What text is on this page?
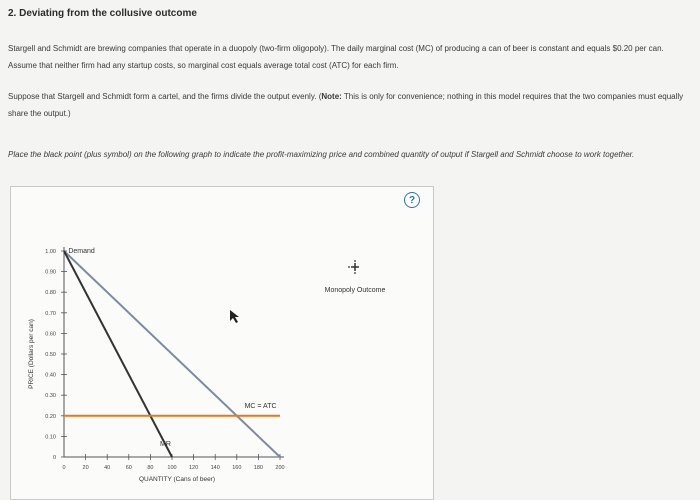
2. Deviating from the collusive outcome
Stargell and Schmidt are brewing companies that operate in a duopoly (two-firm oligopoly). The daily marginal cost (MC) of producing a can of beer is constant and equals $0.20 per can. Assume that neither firm had any startup costs, so marginal cost equals average total cost (ATC) for each firm.
Suppose that Stargell and Schmidt form a cartel, and the firms divide the output evenly. (Note: This is only for convenience; nothing in this model requires that the two companies must equally share the output.)
Place the black point (plus symbol) on the following graph to indicate the profit-maximizing price and combined quantity of output if Stargell and Schmidt choose to work together.
0
0.10
0.20
0.30
0.40
0.50
0.60
0.70
0.80
0.90
1.00
0	20	40	60	80	100 120 140 160 180 200
PRICE (Dollars per can)
QUANTITY (Cans of beer)
Demand
MR
MC = ATC
Monopoly Outcome
?
